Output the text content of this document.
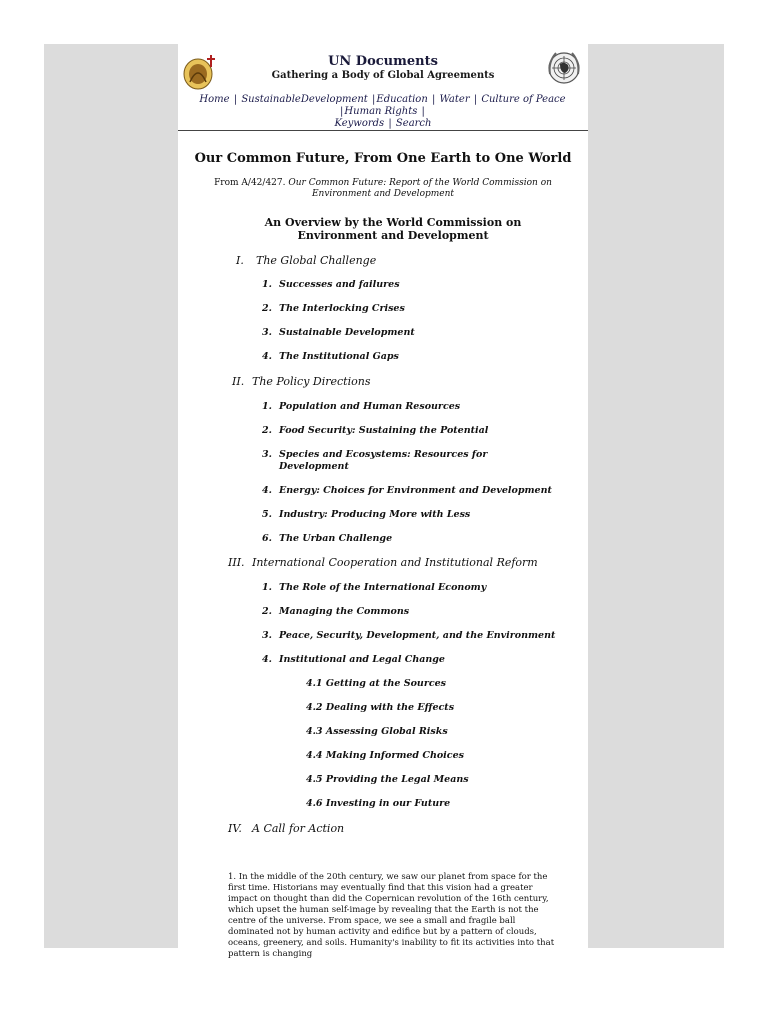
UN Documents
Gathering a Body of Global Agreements
Home | SustainableDevelopment |Education | Water | Culture of Peace |Human Rights |
Keywords | Search
Our Common Future, From One Earth to One World
From A/42/427. Our Common Future: Report of the World Commission on Environment and Development
An Overview by the World Commission on Environment and Development
I. The Global Challenge
1. Successes and failures
2. The Interlocking Crises
3. Sustainable Development
4. The Institutional Gaps
II. The Policy Directions
1. Population and Human Resources
2. Food Security: Sustaining the Potential
3. Species and Ecosystems: Resources for Development
4. Energy: Choices for Environment and Development
5. Industry: Producing More with Less
6. The Urban Challenge
III. International Cooperation and Institutional Reform
1. The Role of the International Economy
2. Managing the Commons
3. Peace, Security, Development, and the Environment
4. Institutional and Legal Change
4.1 Getting at the Sources
4.2 Dealing with the Effects
4.3 Assessing Global Risks
4.4 Making Informed Choices
4.5 Providing the Legal Means
4.6 Investing in our Future
IV. A Call for Action
1. In the middle of the 20th century, we saw our planet from space for the first time. Historians may eventually find that this vision had a greater impact on thought than did the Copernican revolution of the 16th century, which upset the human self-image by revealing that the Earth is not the centre of the universe. From space, we see a small and fragile ball dominated not by human activity and edifice but by a pattern of clouds, oceans, greenery, and soils. Humanity's inability to fit its activities into that pattern is changing
